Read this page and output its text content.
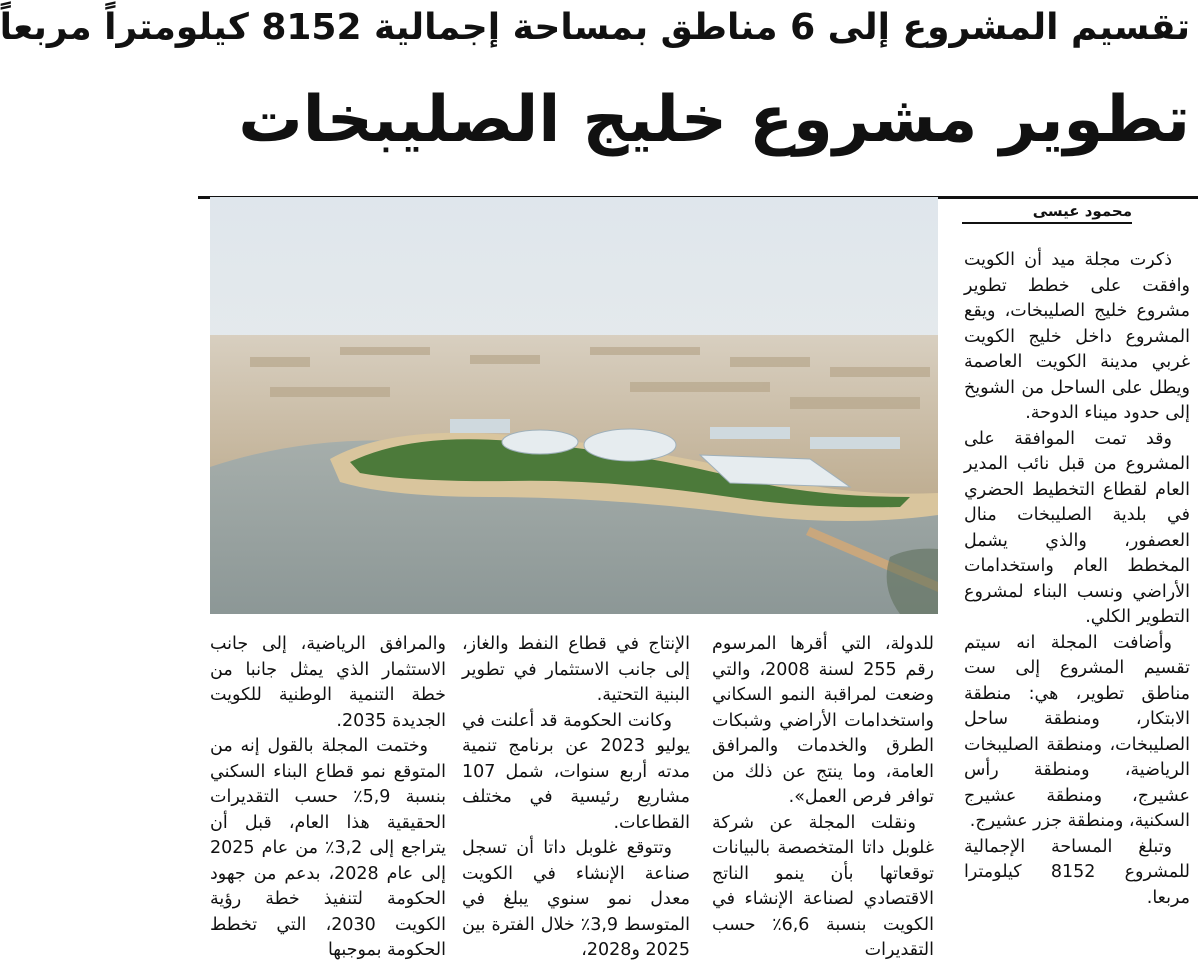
تقسيم المشروع إلى 6 مناطق بمساحة إجمالية 8152 كيلومتراً مربعاً
تطوير مشروع خليج الصليبخات
محمود عيسى

ذكرت مجلة ميد أن الكويت وافقت على خطط تطوير مشروع خليج الصليبخات، ويقع المشروع داخل خليج الكويت غربي مدينة الكويت العاصمة ويطل على الساحل من الشويخ إلى حدود ميناء الدوحة.

وقد تمت الموافقة على المشروع من قبل نائب المدير العام لقطاع التخطيط الحضري في بلدية الصليبخات منال العصفور، والذي يشمل المخطط العام واستخدامات الأراضي ونسب البناء لمشروع التطوير الكلي.

وأضافت المجلة انه سيتم تقسيم المشروع إلى ست مناطق تطوير، هي: منطقة الابتكار، ومنطقة ساحل الصليبخات، ومنطقة الصليبخات الرياضية، ومنطقة رأس عشيرج، ومنطقة عشيرج السكنية، ومنطقة جزر عشيرج.

وتبلغ المساحة الإجمالية للمشروع 8152 كيلومترا مربعا.

للدولة، التي أقرها المرسوم رقم 255 لسنة 2008، والتي وضعت لمراقبة النمو السكاني واستخدامات الأراضي وشبكات الطرق والخدمات والمرافق العامة، وما ينتج عن ذلك من توافر فرص العمل».

ونقلت المجلة عن شركة غلوبل داتا المتخصصة بالبيانات توقعاتها بأن ينمو الناتج الاقتصادي لصناعة الإنشاء في الكويت بنسبة 6,6٪ حسب التقديرات

الإنتاج في قطاع النفط والغاز، إلى جانب الاستثمار في تطوير البنية التحتية.

وكانت الحكومة قد أعلنت في يوليو 2023 عن برنامج تنمية مدته أربع سنوات، شمل 107 مشاريع رئيسية في مختلف القطاعات.

وتتوقع غلوبل داتا أن تسجل صناعة الإنشاء في الكويت معدل نمو سنوي يبلغ في المتوسط 3,9٪ خلال الفترة بين 2025 و2028،

والمرافق الرياضية، إلى جانب الاستثمار الذي يمثل جانبا من خطة التنمية الوطنية للكويت الجديدة 2035.

وختمت المجلة بالقول إنه من المتوقع نمو قطاع البناء السكني بنسبة 5,9٪ حسب التقديرات الحقيقية هذا العام، قبل أن يتراجع إلى 3,2٪ من عام 2025 إلى عام 2028، بدعم من جهود الحكومة لتنفيذ خطة رؤية الكويت 2030، التي تخطط الحكومة بموجبها
